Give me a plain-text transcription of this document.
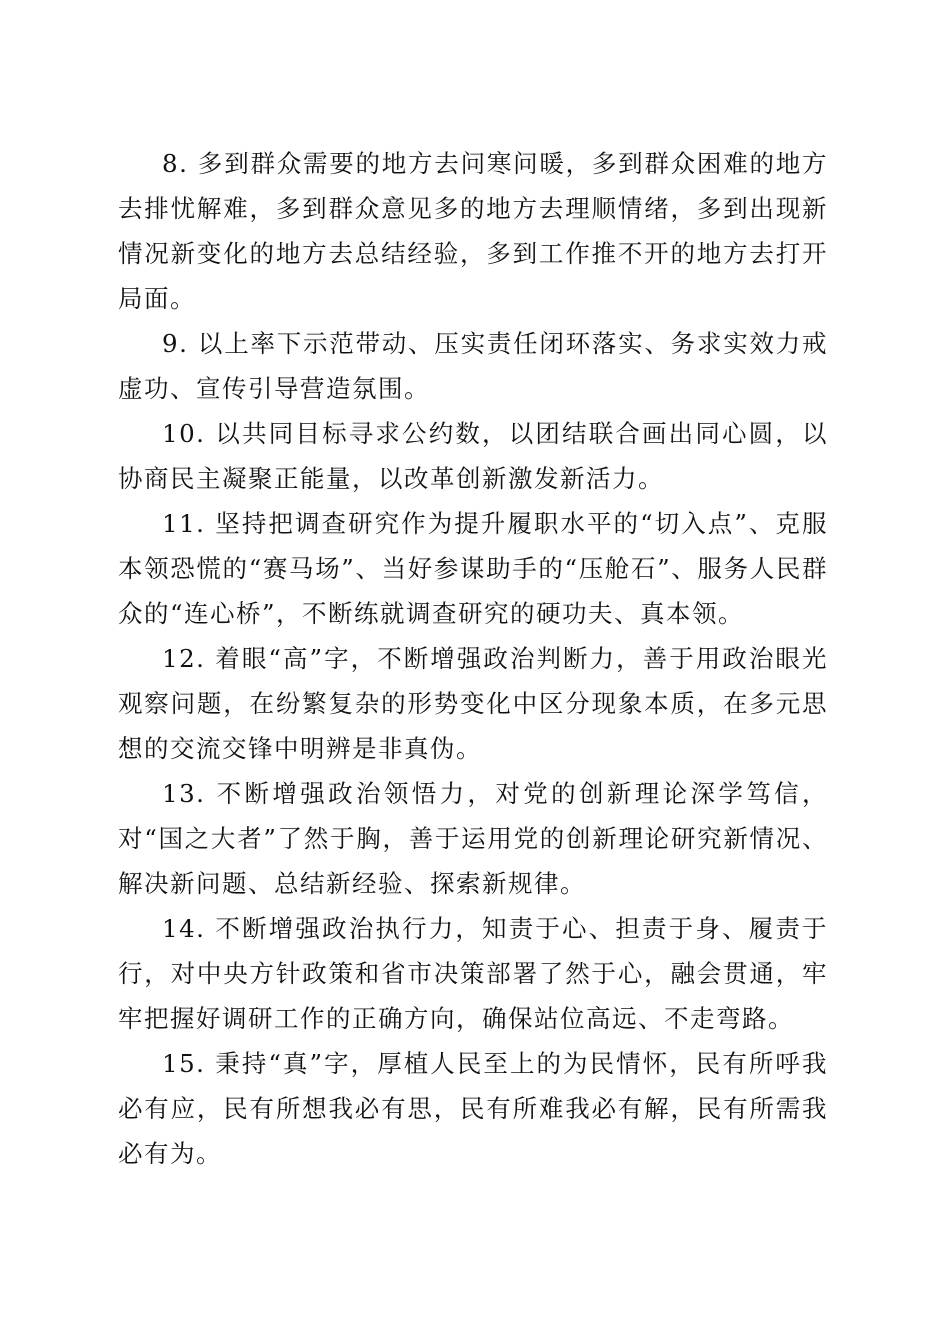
8. 多到群众需要的地方去问寒问暖，多到群众困难的地方去排忧解难，多到群众意见多的地方去理顺情绪，多到出现新情况新变化的地方去总结经验，多到工作推不开的地方去打开局面。

9. 以上率下示范带动、压实责任闭环落实、务求实效力戒虚功、宣传引导营造氛围。

10. 以共同目标寻求公约数，以团结联合画出同心圆，以协商民主凝聚正能量，以改革创新激发新活力。

11. 坚持把调查研究作为提升履职水平的“切入点”、克服本领恐慌的“赛马场”、当好参谋助手的“压舱石”、服务人民群众的“连心桥”，不断练就调查研究的硬功夫、真本领。

12. 着眼“高”字，不断增强政治判断力，善于用政治眼光观察问题，在纷繁复杂的形势变化中区分现象本质，在多元思想的交流交锋中明辨是非真伪。

13. 不断增强政治领悟力，对党的创新理论深学笃信，对“国之大者”了然于胸，善于运用党的创新理论研究新情况、解决新问题、总结新经验、探索新规律。

14. 不断增强政治执行力，知责于心、担责于身、履责于行，对中央方针政策和省市决策部署了然于心，融会贯通，牢牢把握好调研工作的正确方向，确保站位高远、不走弯路。

15. 秉持“真”字，厚植人民至上的为民情怀，民有所呼我必有应，民有所想我必有思，民有所难我必有解，民有所需我必有为。
